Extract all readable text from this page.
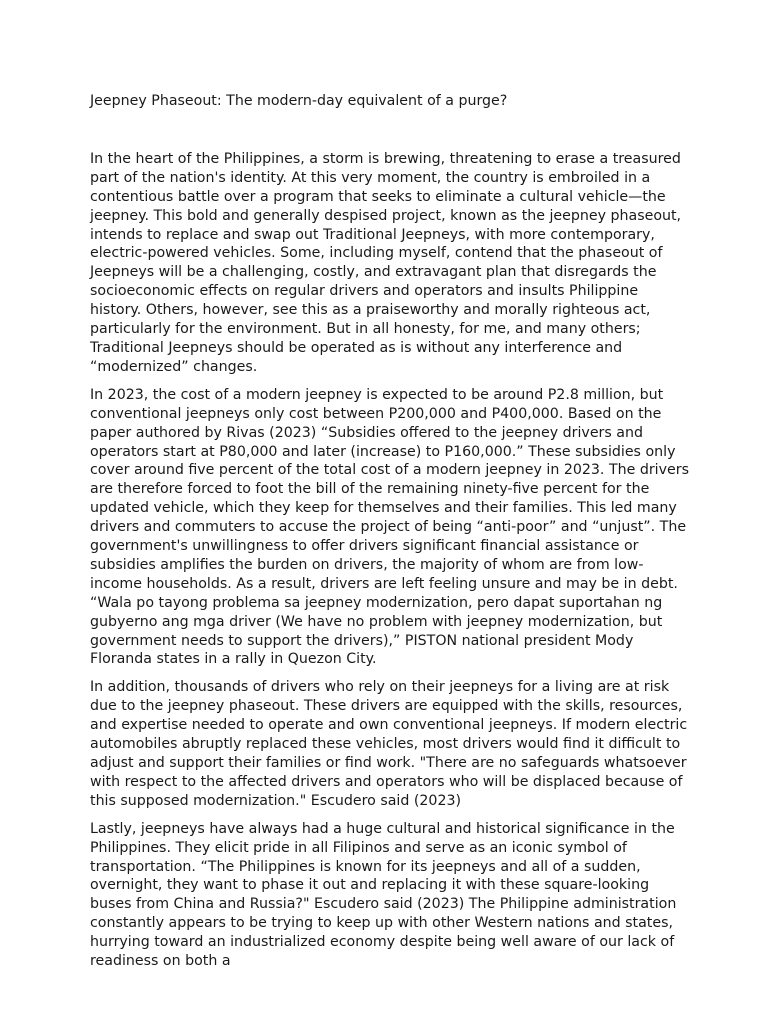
Jeepney Phaseout: The modern-day equivalent of a purge?

In the heart of the Philippines, a storm is brewing, threatening to erase a treasured part of the nation's identity. At this very moment, the country is embroiled in a contentious battle over a program that seeks to eliminate a cultural vehicle—the jeepney. This bold and generally despised project, known as the jeepney phaseout, intends to replace and swap out Traditional Jeepneys, with more contemporary, electric-powered vehicles. Some, including myself, contend that the phaseout of Jeepneys will be a challenging, costly, and extravagant plan that disregards the socioeconomic effects on regular drivers and operators and insults Philippine history. Others, however, see this as a praiseworthy and morally righteous act, particularly for the environment. But in all honesty, for me, and many others; Traditional Jeepneys should be operated as is without any interference and “modernized” changes.

In 2023, the cost of a modern jeepney is expected to be around P2.8 million, but conventional jeepneys only cost between P200,000 and P400,000. Based on the paper authored by Rivas (2023) “Subsidies offered to the jeepney drivers and operators start at P80,000 and later (increase) to P160,000.” These subsidies only cover around five percent of the total cost of a modern jeepney in 2023. The drivers are therefore forced to foot the bill of the remaining ninety-five percent for the updated vehicle, which they keep for themselves and their families. This led many drivers and commuters to accuse the project of being “anti-poor” and “unjust”. The government's unwillingness to offer drivers significant financial assistance or subsidies amplifies the burden on drivers, the majority of whom are from low-income households. As a result, drivers are left feeling unsure and may be in debt. “Wala po tayong problema sa jeepney modernization, pero dapat suportahan ng gubyerno ang mga driver (We have no problem with jeepney modernization, but government needs to support the drivers),” PISTON national president Mody Floranda states in a rally in Quezon City.

In addition, thousands of drivers who rely on their jeepneys for a living are at risk due to the jeepney phaseout. These drivers are equipped with the skills, resources, and expertise needed to operate and own conventional jeepneys. If modern electric automobiles abruptly replaced these vehicles, most drivers would find it difficult to adjust and support their families or find work. "There are no safeguards whatsoever with respect to the affected drivers and operators who will be displaced because of this supposed modernization." Escudero said (2023)

Lastly, jeepneys have always had a huge cultural and historical significance in the Philippines. They elicit pride in all Filipinos and serve as an iconic symbol of transportation. “The Philippines is known for its jeepneys and all of a sudden, overnight, they want to phase it out and replacing it with these square-looking buses from China and Russia?" Escudero said (2023) The Philippine administration constantly appears to be trying to keep up with other Western nations and states, hurrying toward an industrialized economy despite being well aware of our lack of readiness on both a
